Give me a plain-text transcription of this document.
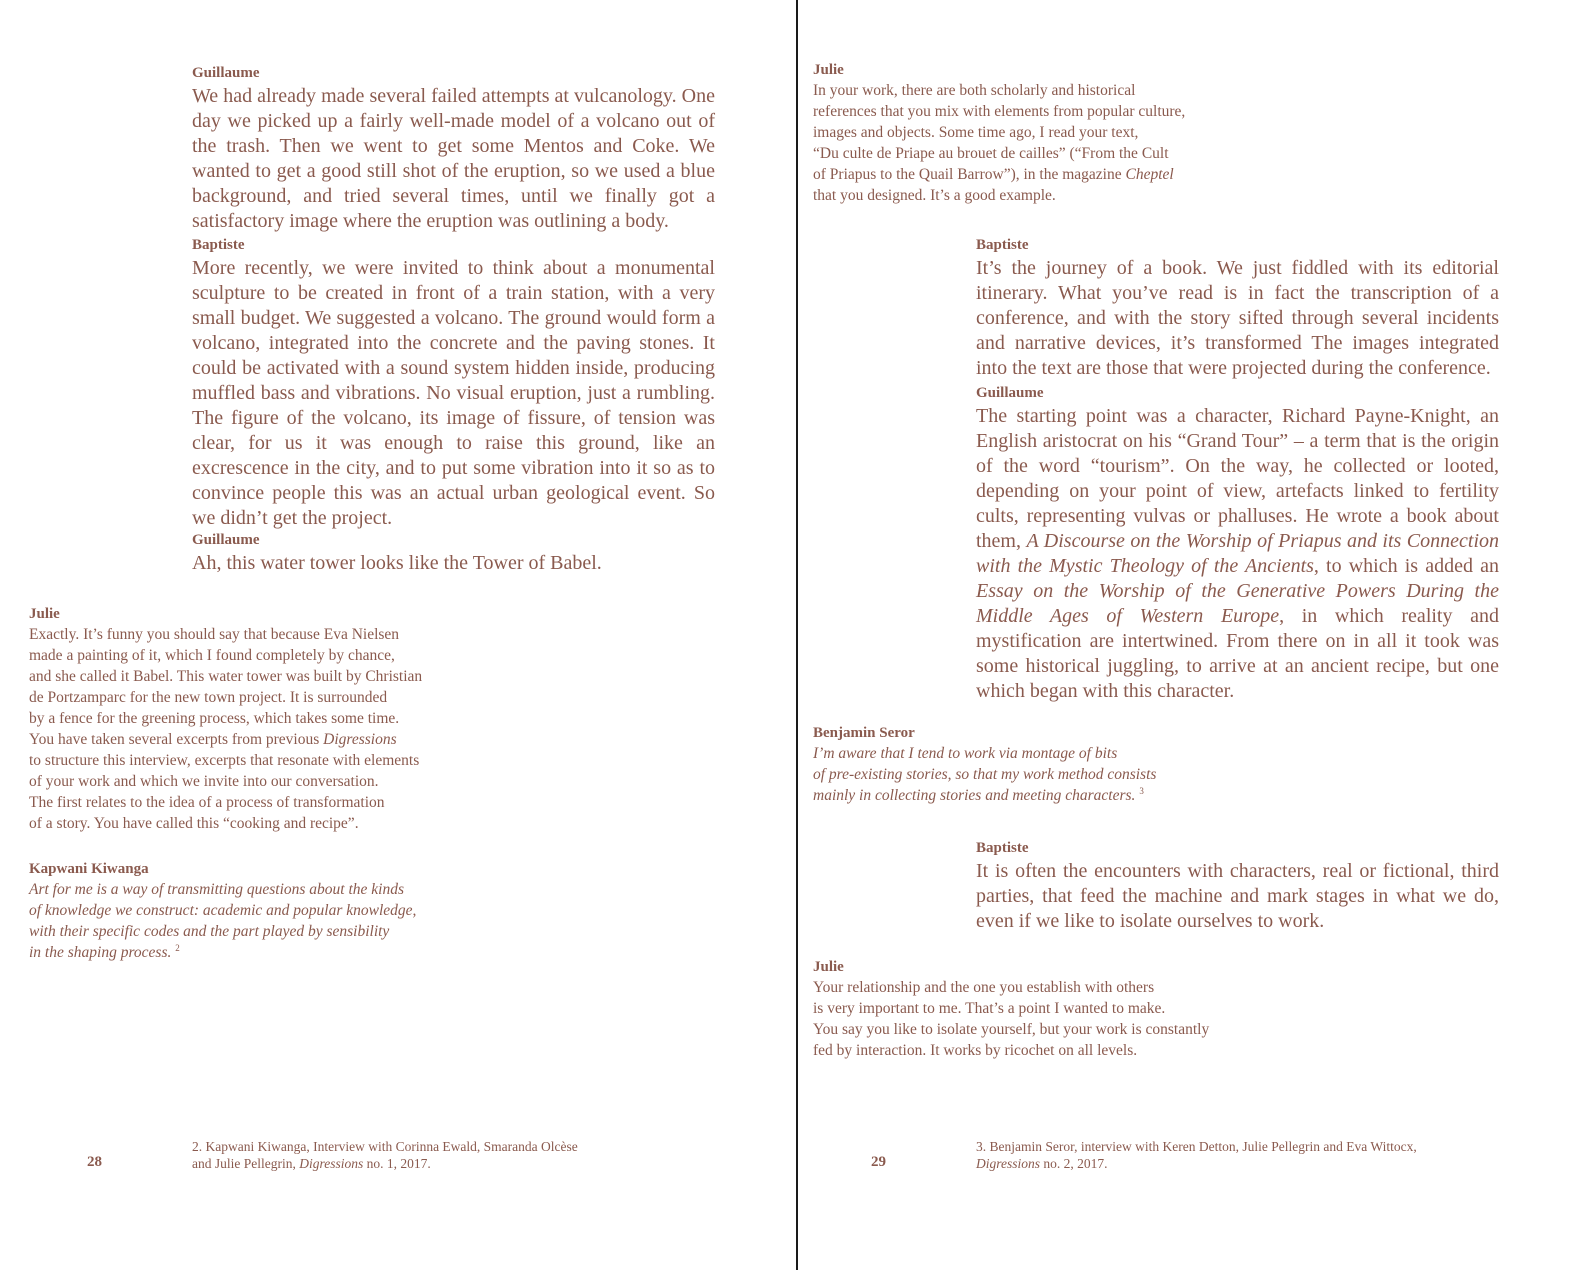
Guillaume
We had already made several failed attempts at vulcanology. One day we picked up a fairly well-made model of a volcano out of the trash. Then we went to get some Mentos and Coke. We wanted to get a good still shot of the eruption, so we used a blue background, and tried several times, until we finally got a satisfactory image where the eruption was outlining a body.
Baptiste
More recently, we were invited to think about a monumental sculpture to be created in front of a train station, with a very small budget. We suggested a volcano. The ground would form a volcano, integrated into the concrete and the paving stones. It could be activated with a sound system hidden inside, producing muffled bass and vibrations. No visual eruption, just a rumbling. The figure of the volcano, its image of fissure, of tension was clear, for us it was enough to raise this ground, like an excrescence in the city, and to put some vibration into it so as to convince people this was an actual urban geological event. So we didn’t get the project.
Guillaume
Ah, this water tower looks like the Tower of Babel.
Julie

Exactly. It’s funny you should say that because Eva Nielsen

made a painting of it, which I found completely by chance,

and she called it Babel. This water tower was built by Christian

de Portzamparc for the new town project. It is surrounded

by a fence for the greening process, which takes some time.

You have taken several excerpts from previous Digressions

to structure this interview, excerpts that resonate with elements

of your work and which we invite into our conversation.

The first relates to the idea of a process of transformation

of a story. You have called this “cooking and recipe”.

Kapwani Kiwanga

Art for me is a way of transmitting questions about the kinds

of knowledge we construct: academic and popular knowledge,

with their specific codes and the part played by sensibility

in the shaping process. $^2$

2. Kapwani Kiwanga, Interview with Corinna Ewald, Smaranda Olcèse
and Julie Pellegrin, Digressions no. 1, 2017.
28
Julie

In your work, there are both scholarly and historical

references that you mix with elements from popular culture,

images and objects. Some time ago, I read your text,

“Du culte de Priape au brouet de cailles” (“From the Cult

of Priapus to the Quail Barrow”), in the magazine Cheptel

that you designed. It’s a good example.

Baptiste
It’s the journey of a book. We just fiddled with its editorial itinerary. What you’ve read is in fact the transcription of a conference, and with the story sifted through several incidents and narrative devices, it’s transformed The images integrated into the text are those that were projected during the conference.
Guillaume
The starting point was a character, Richard Payne-Knight, an English aristocrat on his “Grand Tour” – a term that is the origin of the word “tourism”. On the way, he collected or looted, depending on your point of view, artefacts linked to fertility cults, representing vulvas or phalluses. He wrote a book about them, A Discourse on the Worship of Priapus and its Connection with the Mystic Theology of the Ancients, to which is added an Essay on the Worship of the Generative Powers During the Middle Ages of Western Europe, in which reality and mystification are intertwined. From there on in all it took was some historical juggling, to arrive at an ancient recipe, but one which began with this character.
Benjamin Seror

I’m aware that I tend to work via montage of bits

of pre-existing stories, so that my work method consists

mainly in collecting stories and meeting characters. $^3$

Baptiste
It is often the encounters with characters, real or fictional, third parties, that feed the machine and mark stages in what we do, even if we like to isolate ourselves to work.
Julie

Your relationship and the one you establish with others

is very important to me. That’s a point I wanted to make.

You say you like to isolate yourself, but your work is constantly

fed by interaction. It works by ricochet on all levels.

3. Benjamin Seror, interview with Keren Detton, Julie Pellegrin and Eva Wittocx,
Digressions no. 2, 2017.
29
